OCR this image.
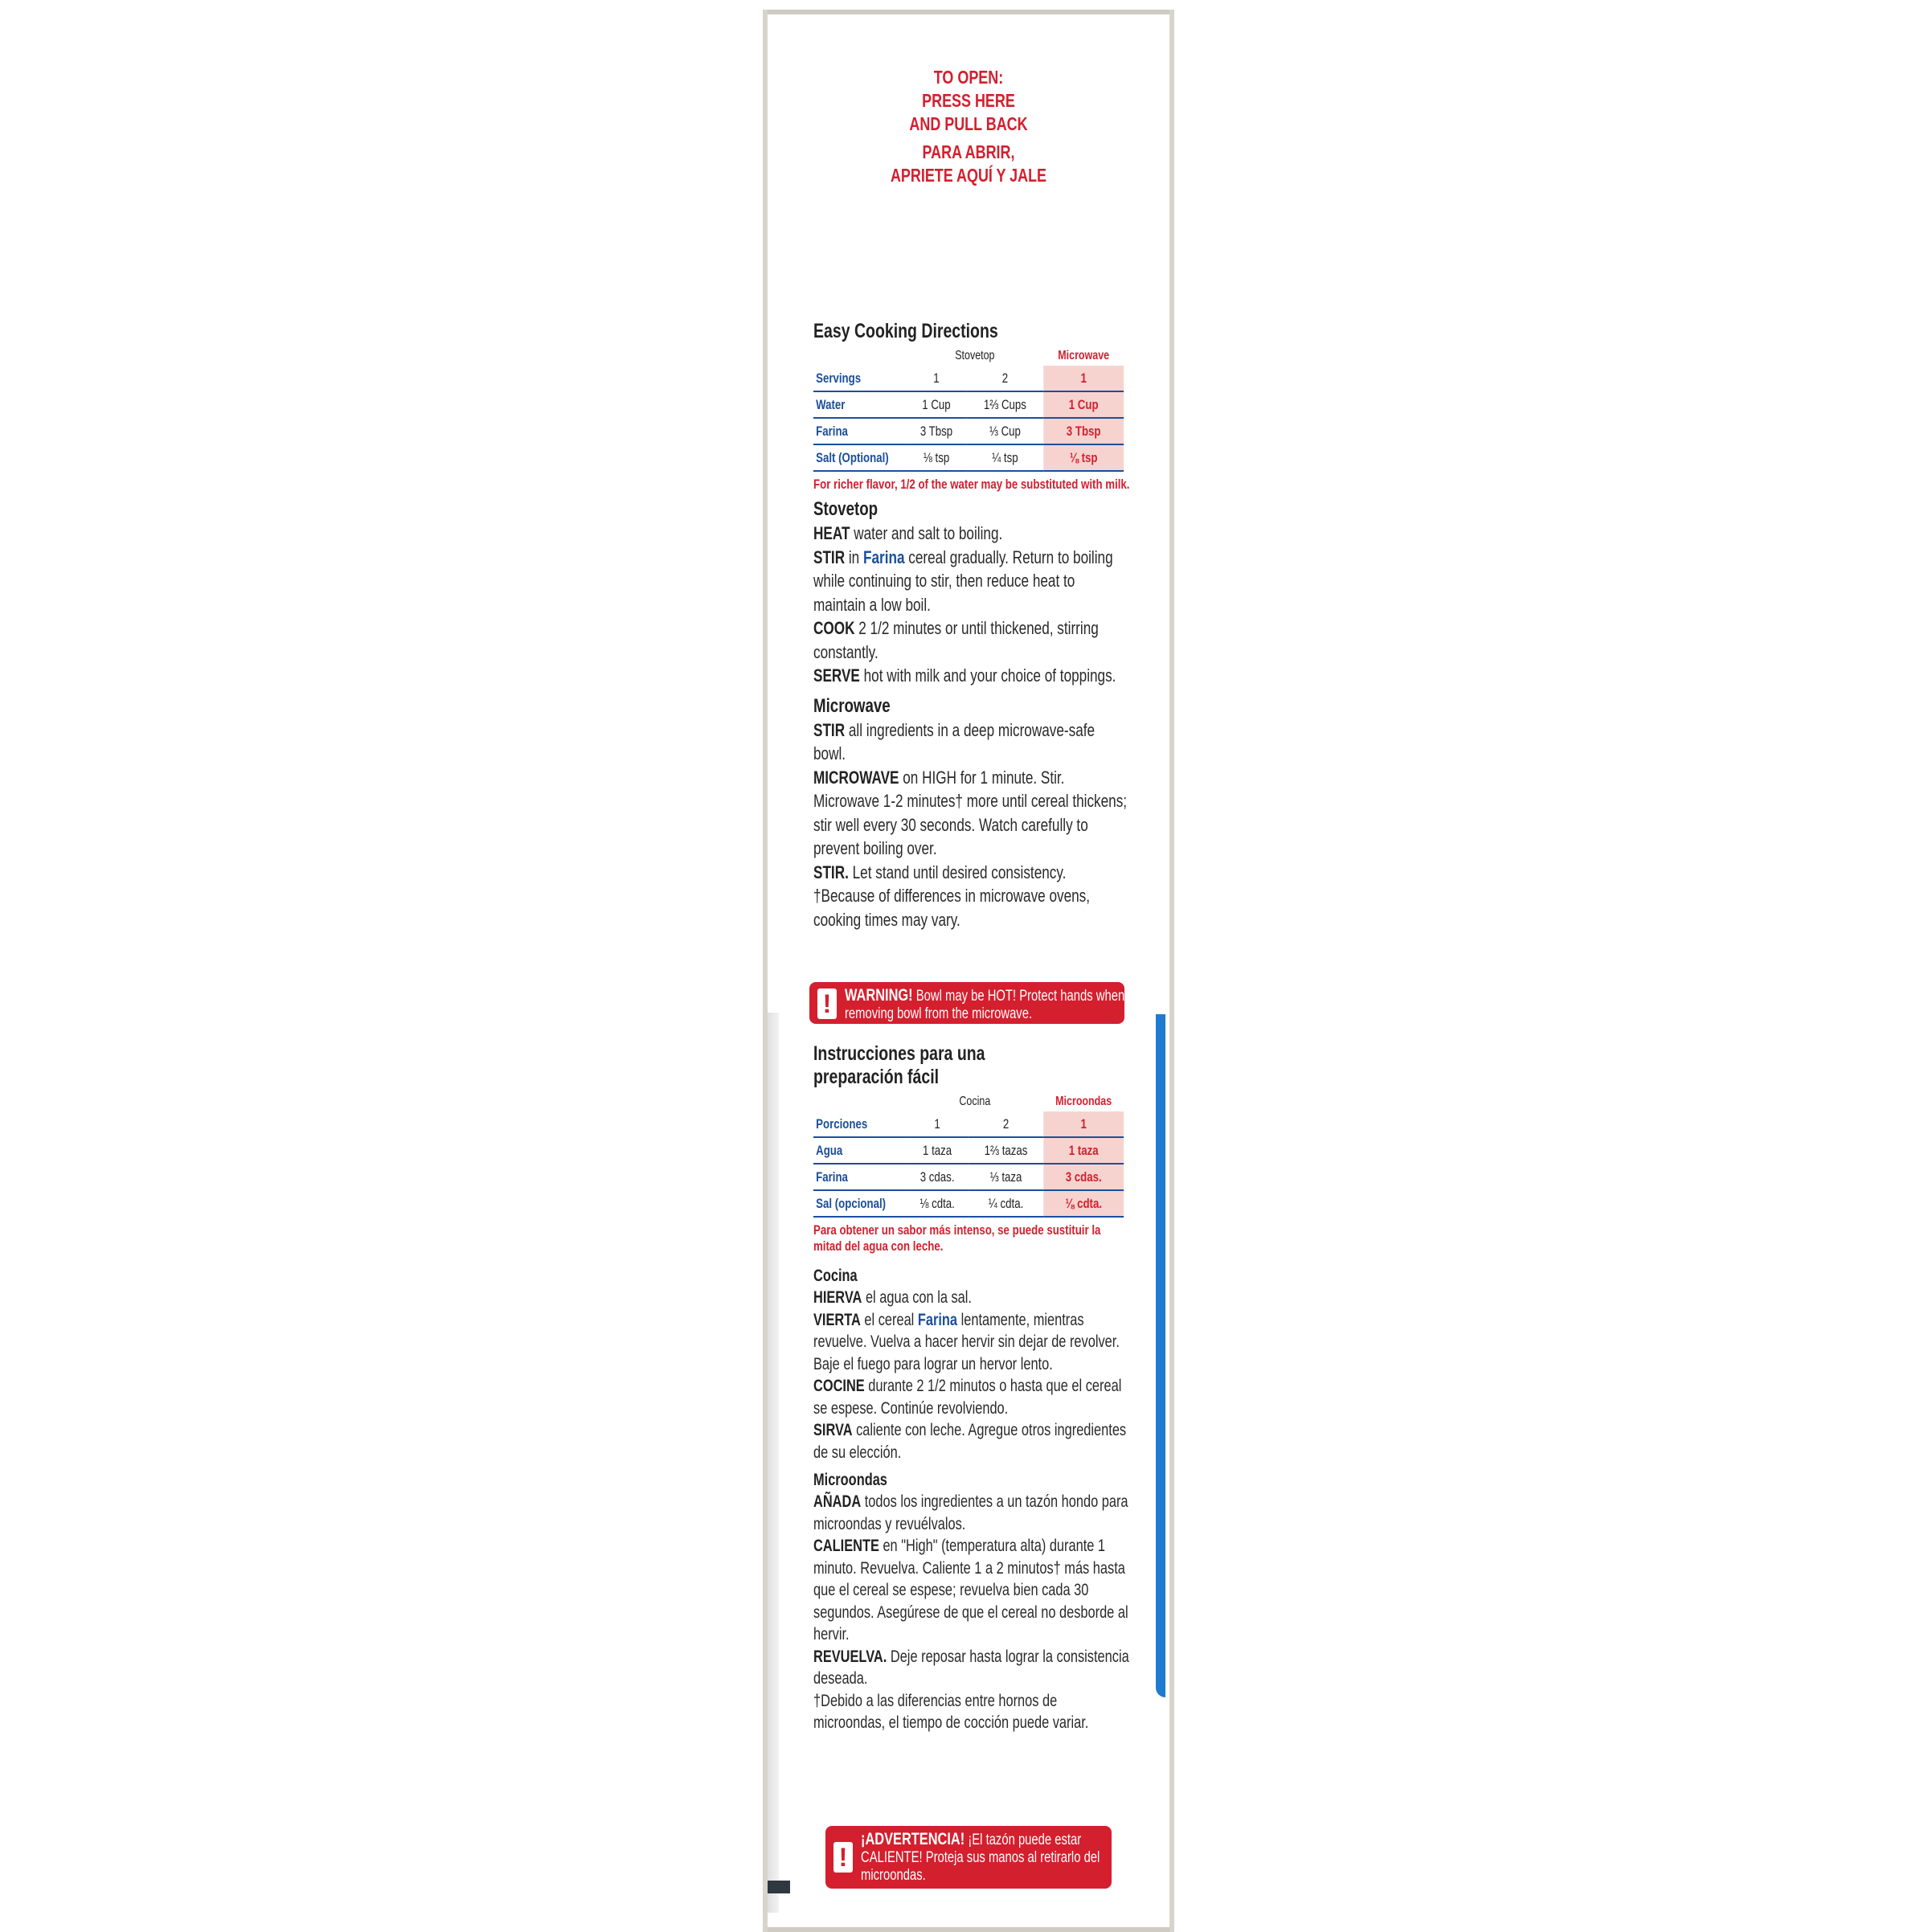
TO OPEN:
PRESS HERE
AND PULL BACK
PARA ABRIR,
APRIETE AQUÍ Y JALE
Easy Cooking Directions
	Stovetop		Microwave
Servings	1	2	1
Water	1 Cup	1⅔ Cups	1 Cup
Farina	3 Tbsp	⅓ Cup	3 Tbsp
Salt (Optional)	⅛ tsp	¼ tsp	⅛ tsp
For richer flavor, 1/2 of the water may be substituted with milk.
Stovetop
HEAT water and salt to boiling.
STIR in Farina cereal gradually. Return to boiling while continuing to stir, then reduce heat to maintain a low boil.
COOK 2 1/2 minutes or until thickened, stirring constantly.
SERVE hot with milk and your choice of toppings.
Microwave
STIR all ingredients in a deep microwave-safe bowl.
MICROWAVE on HIGH for 1 minute. Stir. Microwave 1-2 minutes† more until cereal thickens; stir well every 30 seconds. Watch carefully to prevent boiling over.
STIR. Let stand until desired consistency.
†Because of differences in microwave ovens, cooking times may vary.
! WARNING! Bowl may be HOT! Protect hands when removing bowl from the microwave.
Instrucciones para una
preparación fácil
	Cocina		Microondas
Porciones	1	2	1
Agua	1 taza	1⅔ tazas	1 taza
Farina	3 cdas.	⅓ taza	3 cdas.
Sal (opcional)	⅛ cdta.	¼ cdta.	⅛ cdta.
Para obtener un sabor más intenso, se puede sustituir la mitad del agua con leche.
Cocina
HIERVA el agua con la sal.
VIERTA el cereal Farina lentamente, mientras revuelve. Vuelva a hacer hervir sin dejar de revolver. Baje el fuego para lograr un hervor lento.
COCINE durante 2 1/2 minutos o hasta que el cereal se espese. Continúe revolviendo.
SIRVA caliente con leche. Agregue otros ingredientes de su elección.
Microondas
AÑADA todos los ingredientes a un tazón hondo para microondas y revuélvalos.
CALIENTE en "High" (temperatura alta) durante 1 minuto. Revuelva. Caliente 1 a 2 minutos† más hasta que el cereal se espese; revuelva bien cada 30 segundos. Asegúrese de que el cereal no desborde al hervir.
REVUELVA. Deje reposar hasta lograr la consistencia deseada.
†Debido a las diferencias entre hornos de microondas, el tiempo de cocción puede variar.
!
¡ADVERTENCIA! ¡El tazón puede estar CALIENTE! Proteja sus manos al retirarlo del microondas.
